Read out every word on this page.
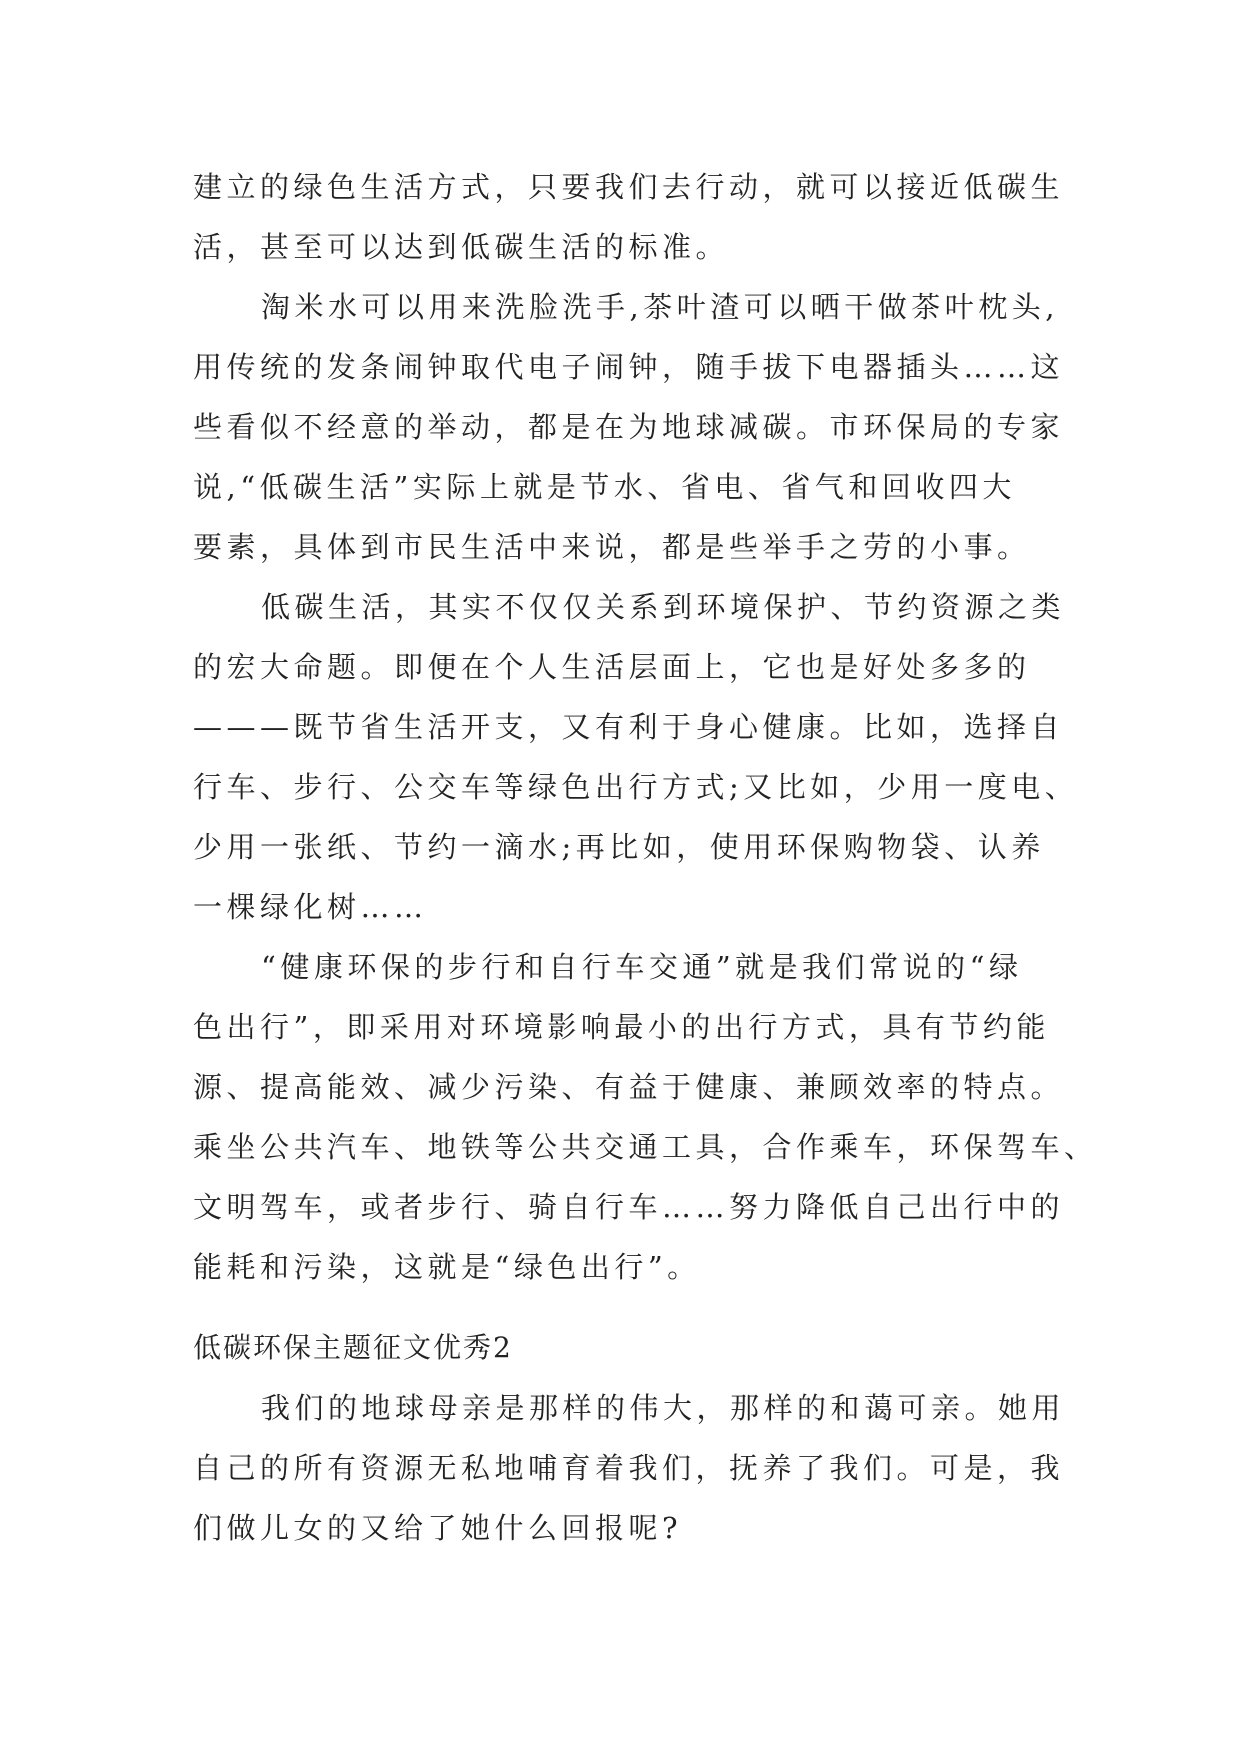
建立的绿色生活方式，只要我们去行动，就可以接近低碳生
活，甚至可以达到低碳生活的标准。
淘米水可以用来洗脸洗手,茶叶渣可以晒干做茶叶枕头,
用传统的发条闹钟取代电子闹钟，随手拔下电器插头……这
些看似不经意的举动，都是在为地球减碳。市环保局的专家
说,“低碳生活”实际上就是节水、省电、省气和回收四大
要素，具体到市民生活中来说，都是些举手之劳的小事。
低碳生活，其实不仅仅关系到环境保护、节约资源之类
的宏大命题。即便在个人生活层面上，它也是好处多多的
———既节省生活开支，又有利于身心健康。比如，选择自
行车、步行、公交车等绿色出行方式;又比如，少用一度电、
少用一张纸、节约一滴水;再比如，使用环保购物袋、认养
一棵绿化树……
“健康环保的步行和自行车交通”就是我们常说的“绿
色出行”，即采用对环境影响最小的出行方式，具有节约能
源、提高能效、减少污染、有益于健康、兼顾效率的特点。
乘坐公共汽车、地铁等公共交通工具，合作乘车，环保驾车、
文明驾车，或者步行、骑自行车……努力降低自己出行中的
能耗和污染，这就是“绿色出行”。
低碳环保主题征文优秀2
我们的地球母亲是那样的伟大，那样的和蔼可亲。她用
自己的所有资源无私地哺育着我们，抚养了我们。可是，我
们做儿女的又给了她什么回报呢?
